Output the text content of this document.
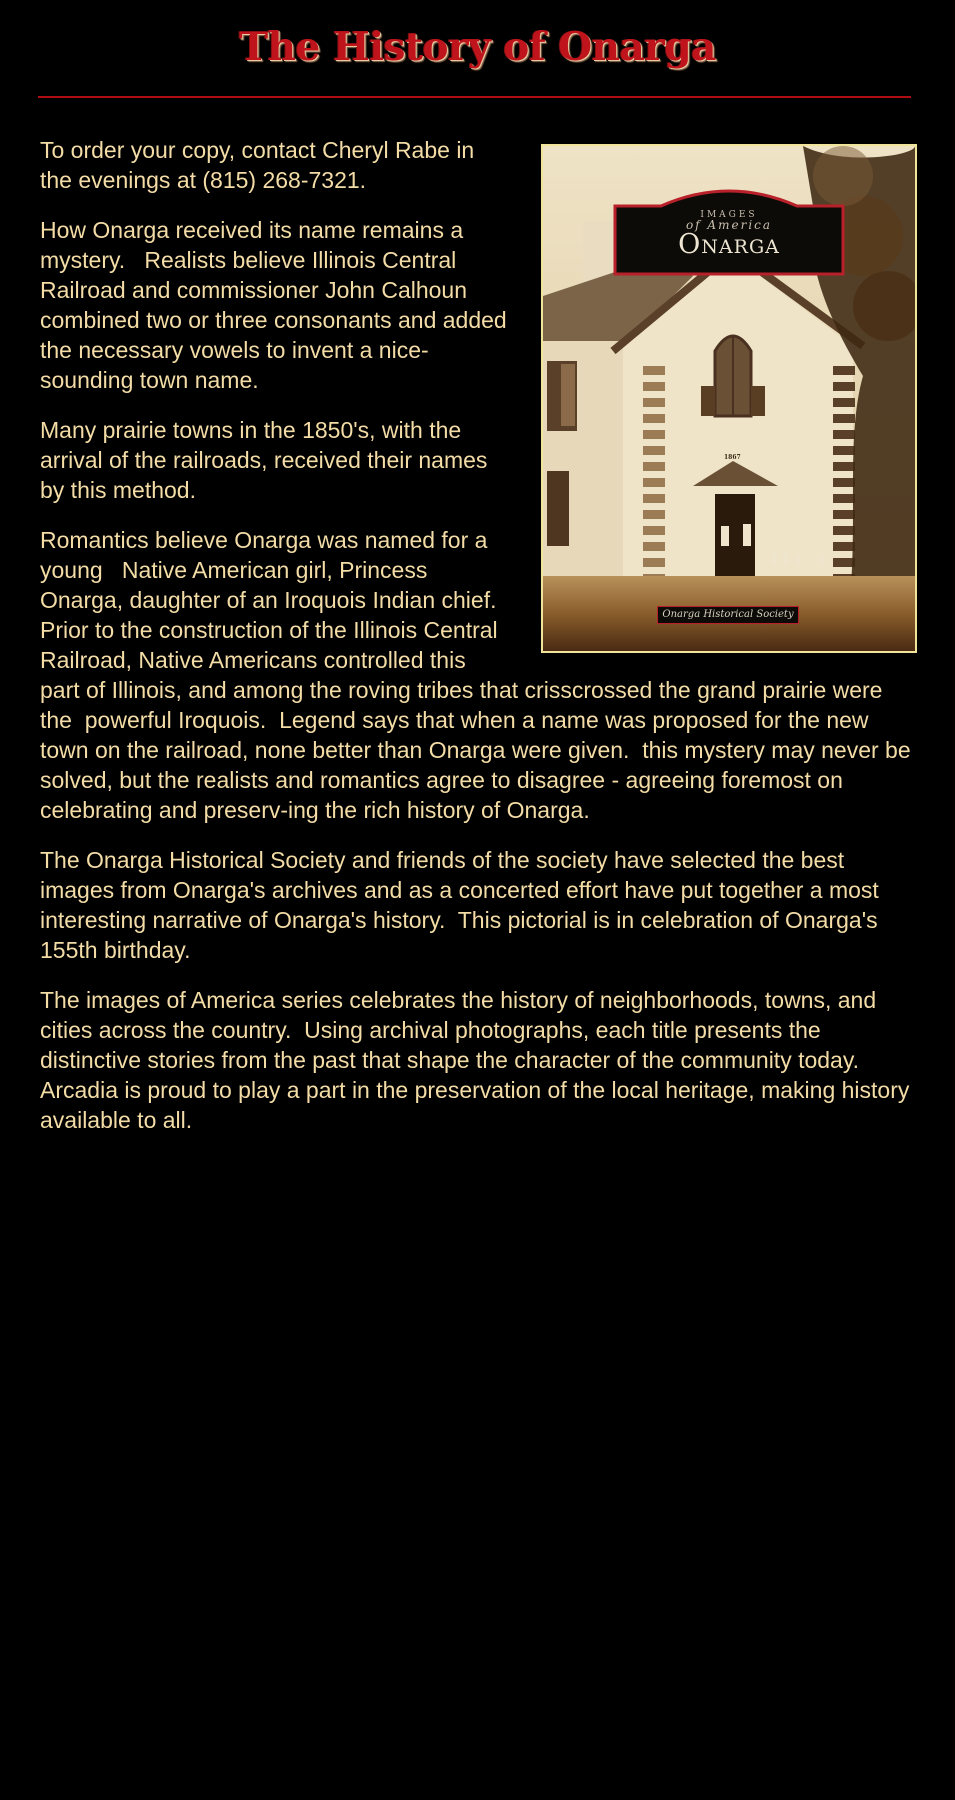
The History of Onarga
IMAGES
of America
Onarga
1867
Onarga Historical Society

To order your copy, contact Cheryl Rabe in the evenings at (815) 268-7321.

How Onarga received its name remains a mystery.   Realists believe Illinois Central Railroad and commissioner John Calhoun combined two or three consonants and added the necessary vowels to invent a nice-sounding town name.

Many prairie towns in the 1850's, with the arrival of the railroads, received their names by this method.

Romantics believe Onarga was named for a young   Native American girl, Princess Onarga, daughter of an Iroquois Indian chief.  Prior to the construction of the Illinois Central Railroad, Native Americans controlled this part of Illinois, and among the roving tribes that crisscrossed the grand prairie were the  powerful Iroquois.  Legend says that when a name was proposed for the new town on the railroad, none better than Onarga were given.  this mystery may never be solved, but the realists and romantics agree to disagree - agreeing foremost on celebrating and preserv-ing the rich history of Onarga.

The Onarga Historical Society and friends of the society have selected the best images from Onarga's archives and as a concerted effort have put together a most interesting narrative of Onarga's history.  This pictorial is in celebration of Onarga's 155th birthday.

The images of America series celebrates the history of neighborhoods, towns, and cities across the country.  Using archival photographs, each title presents the distinctive stories from the past that shape the character of the community today.  Arcadia is proud to play a part in the preservation of the local heritage, making history available to all.
